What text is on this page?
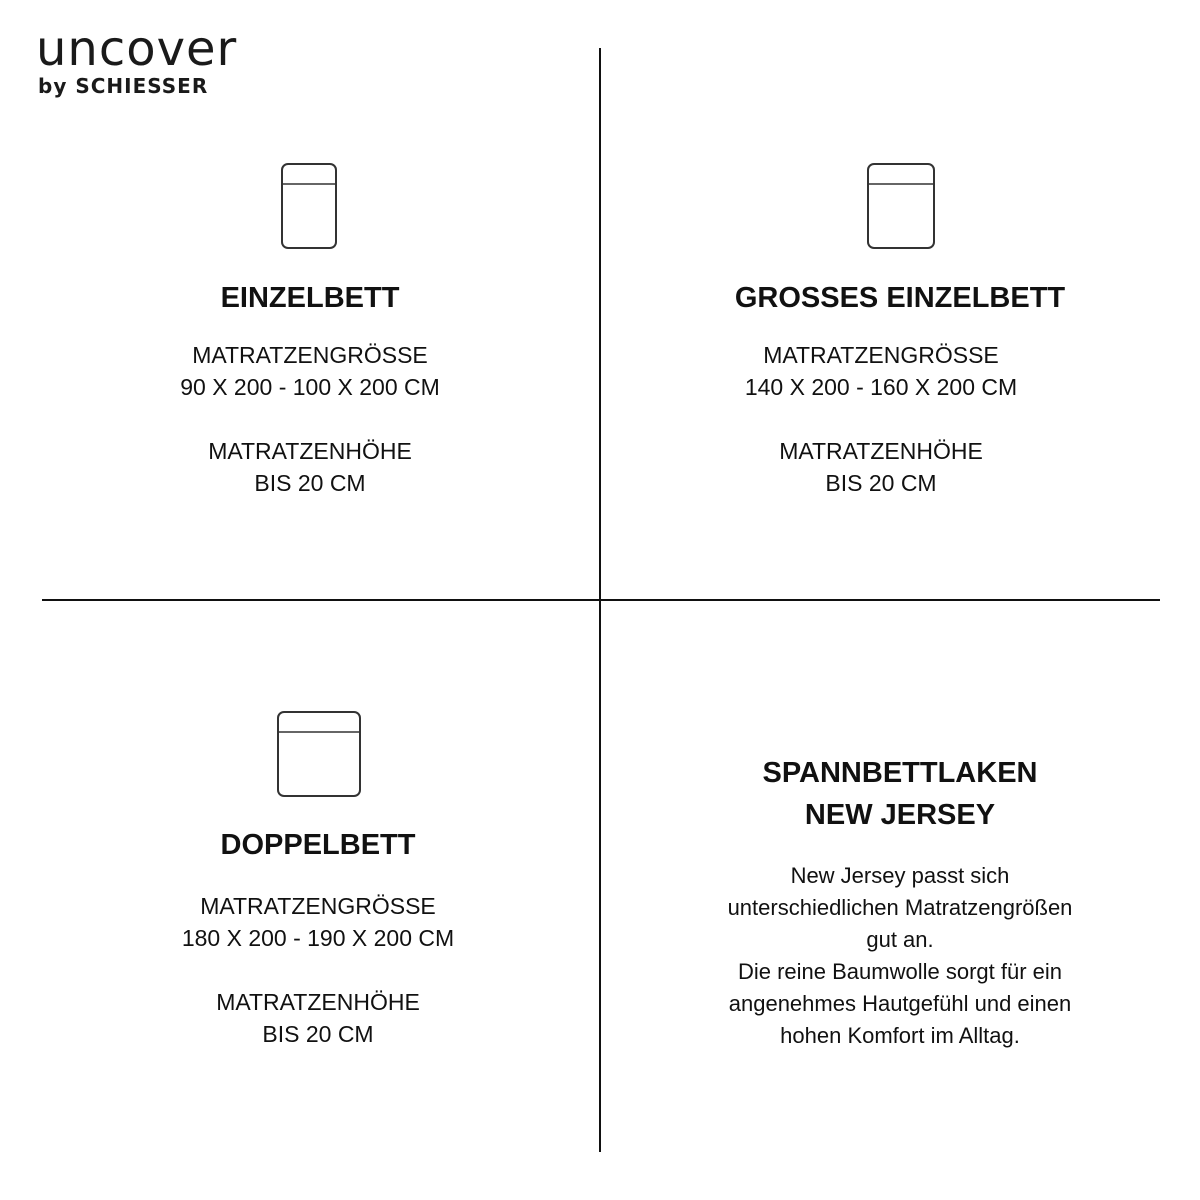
uncover
by SCHIESSER
EINZELBETT

MATRATZENGRÖSSE

90 X 200 - 100 X 200 CM

MATRATZENHÖHE

BIS 20 CM

GROSSES EINZELBETT

MATRATZENGRÖSSE

140 X 200 - 160 X 200 CM

MATRATZENHÖHE

BIS 20 CM

DOPPELBETT

MATRATZENGRÖSSE

180 X 200 - 190 X 200 CM

MATRATZENHÖHE

BIS 20 CM

SPANNBETTLAKEN
NEW JERSEY

New Jersey passt sich

unterschiedlichen Matratzengrößen

gut an.

Die reine Baumwolle sorgt für ein

angenehmes Hautgefühl und einen

hohen Komfort im Alltag.
